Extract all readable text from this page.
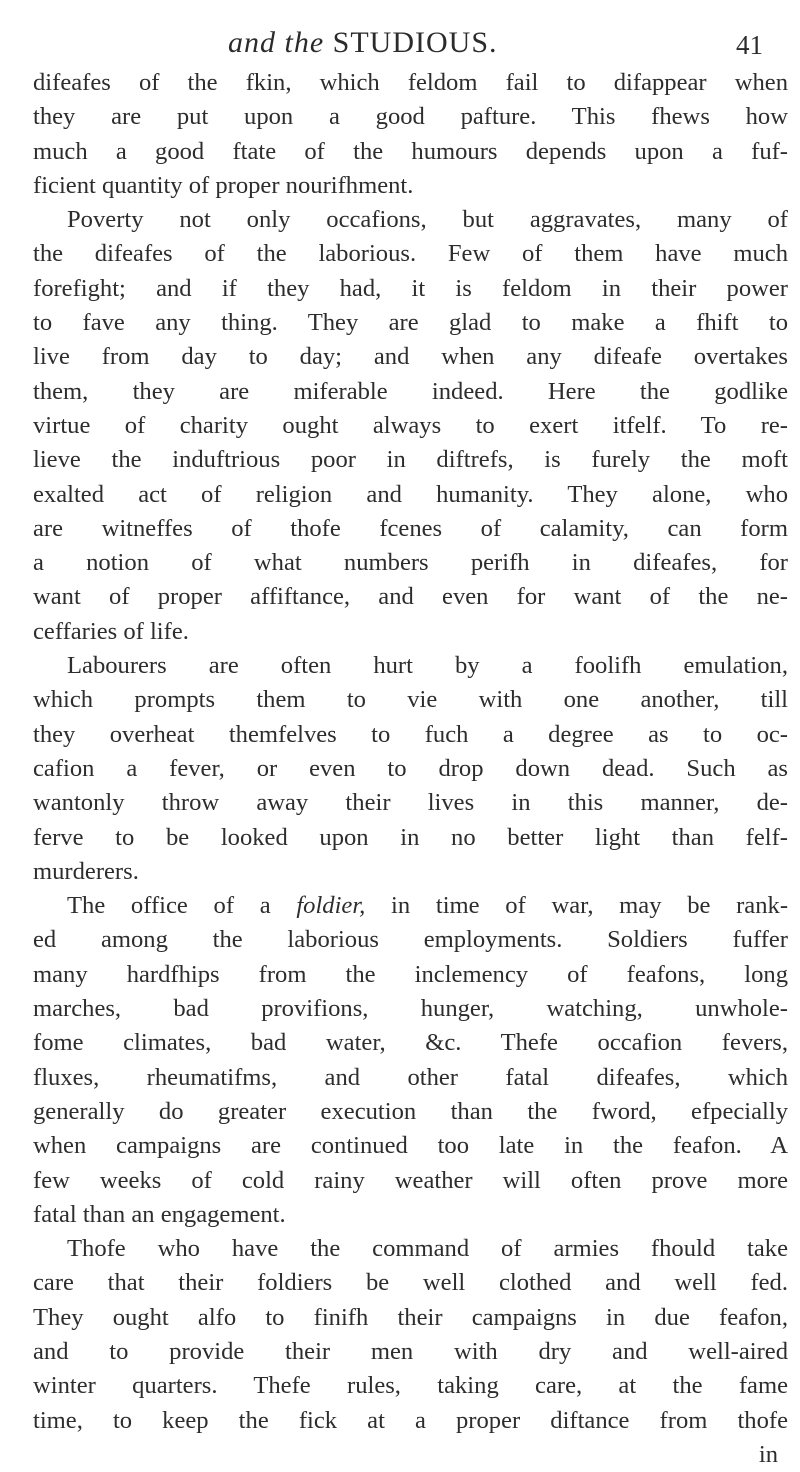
and the STUDIOUS.	41
difeafes of the fkin, which feldom fail to difappear when
they are put upon a good pafture. This fhews how
much a good ftate of the humours depends upon a fuf-
ficient quantity of proper nourifhment.
Poverty not only occafions, but aggravates, many of
the difeafes of the laborious. Few of them have much
forefight; and if they had, it is feldom in their power
to fave any thing. They are glad to make a fhift to
live from day to day; and when any difeafe overtakes
them, they are miferable indeed. Here the godlike
virtue of charity ought always to exert itfelf. To re-
lieve the induftrious poor in diftrefs, is furely the moft
exalted act of religion and humanity. They alone, who
are witneffes of thofe fcenes of calamity, can form
a notion of what numbers perifh in difeafes, for
want of proper affiftance, and even for want of the ne-
ceffaries of life.
Labourers are often hurt by a foolifh emulation,
which prompts them to vie with one another, till
they overheat themfelves to fuch a degree as to oc-
cafion a fever, or even to drop down dead. Such as
wantonly throw away their lives in this manner, de-
ferve to be looked upon in no better light than felf-
murderers.
The office of a foldier, in time of war, may be rank-
ed among the laborious employments. Soldiers fuffer
many hardfhips from the inclemency of feafons, long
marches, bad provifions, hunger, watching, unwhole-
fome climates, bad water, &c. Thefe occafion fevers,
fluxes, rheumatifms, and other fatal difeafes, which
generally do greater execution than the fword, efpecially
when campaigns are continued too late in the feafon. A
few weeks of cold rainy weather will often prove more
fatal than an engagement.
Thofe who have the command of armies fhould take
care that their foldiers be well clothed and well fed.
They ought alfo to finifh their campaigns in due feafon,
and to provide their men with dry and well-aired
winter quarters. Thefe rules, taking care, at the fame
time, to keep the fick at a proper diftance from thofe
in
